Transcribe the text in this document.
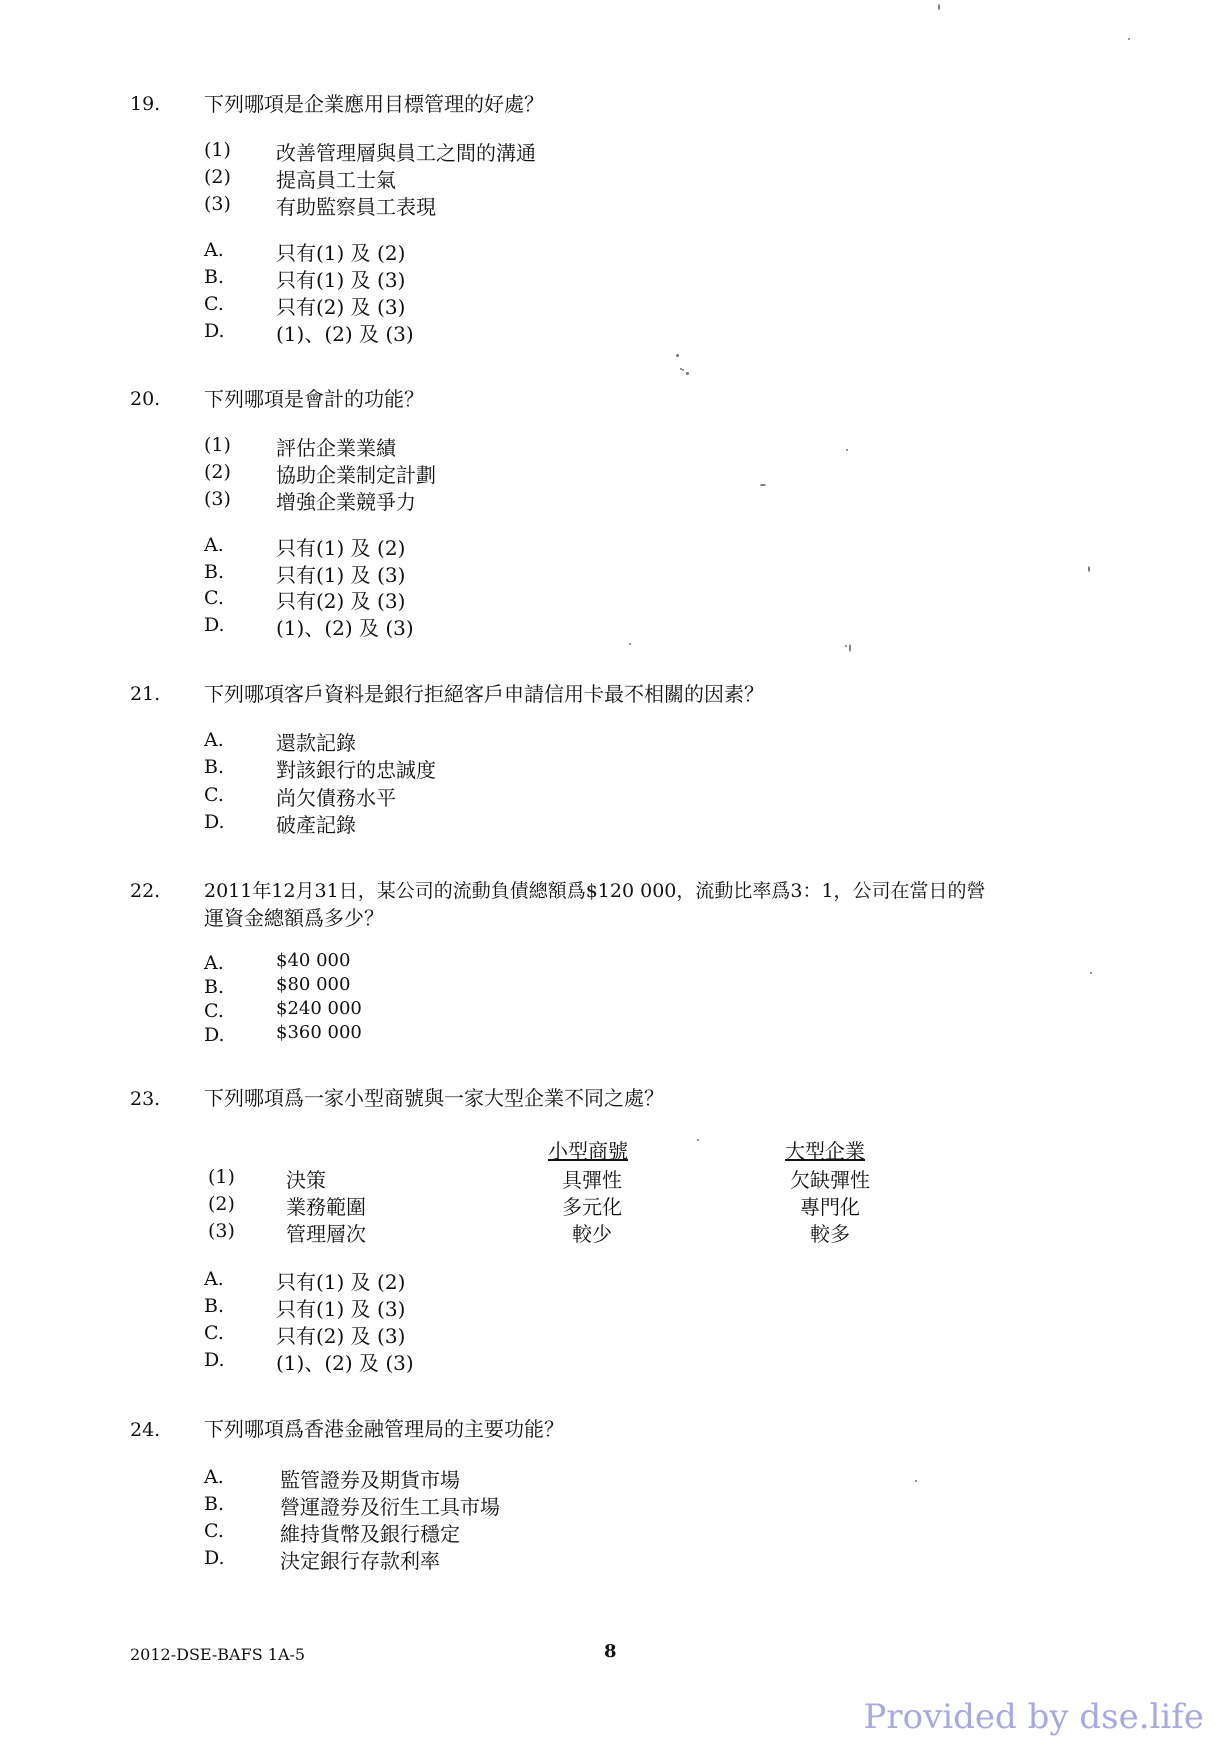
19. 下列哪項是企業應用目標管理的好處？
(1) 改善管理層與員工之間的溝通
(2) 提高員工士氣
(3) 有助監察員工表現
A.	只有(1) 及 (2)
B.	只有(1) 及 (3)
C.	只有(2) 及 (3)
D.	(1)、(2) 及 (3)
20. 下列哪項是會計的功能？
(1) 評估企業業績
(2) 協助企業制定計劃
(3) 增強企業競爭力
A.	只有(1) 及 (2)
B.	只有(1) 及 (3)
C.	只有(2) 及 (3)
D.	(1)、(2) 及 (3)
21. 下列哪項客戶資料是銀行拒絕客戶申請信用卡最不相關的因素？
A.	還款記錄
B.	對該銀行的忠誠度
C.	尚欠債務水平
D.	破產記錄
22. 2011年12月31日，某公司的流動負債總額爲$120 000，流動比率爲3：1，公司在當日的營
運資金總額爲多少？
A.	$40 000
B.	$80 000
C.	$240 000
D.	$360 000
23. 下列哪項爲一家小型商號與一家大型企業不同之處？
小型商號	大型企業
(1)	決策	具彈性	欠缺彈性
(2)	業務範圍	多元化	專門化
(3)	管理層次	較少	較多
A.	只有(1) 及 (2)
B.	只有(1) 及 (3)
C.	只有(2) 及 (3)
D.	(1)、(2) 及 (3)
24. 下列哪項爲香港金融管理局的主要功能？
A.	監管證券及期貨市場
B.	營運證券及衍生工具市場
C.	維持貨幣及銀行穩定
D.	決定銀行存款利率
2012-DSE-BAFS 1A-5	8
Provided by dse.life
